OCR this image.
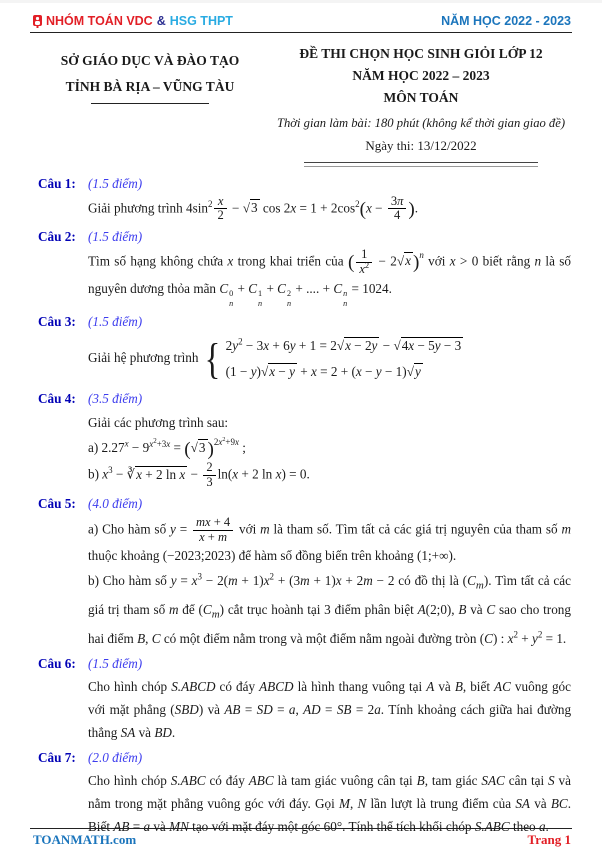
NHÓM TOÁN VDC & HSG THPT	NĂM HỌC 2022 - 2023
SỞ GIÁO DỤC VÀ ĐÀO TẠO
TỈNH BÀ RỊA – VŨNG TÀU
ĐỀ THI CHỌN HỌC SINH GIỎI LỚP 12
NĂM HỌC 2022 – 2023
MÔN TOÁN
Thời gian làm bài: 180 phút (không kể thời gian giao đề)
Ngày thi: 13/12/2022
Câu 1: (1.5 điểm)
Giải phương trình $4\sin^2 \frac{x}{2} - √3$ $\cos 2x = 1 + 2\cos^2(x - \frac{3\pi}{4}$ ).
Câu 2: (1.5 điểm)
Tìm số hạng không chứa x trong khai triển của ( $\frac{1}{x^2} - 2√x$ )$^n$ với x > 0 biết rằng n là số nguyên dương thỏa mãn C 0
n
+ C 1
n
+ C 2
n
+ .... + C n
n
= 1024.
Câu 3: (1.5 điểm)
Giải hệ phương trình { $2y^2 - 3x + 6y + 1 = 2√x - 2y - √4x - 5y - 3$
(1 − y)√x − y + x = 2 + (x − y − 1)√y
Câu 4: (3.5 điểm)
Giải các phương trình sau:
a) $2.27^x - 9^{x^2+3x} = (√3$ )$^{2x^2+9x}$ ;
b) $x^3$ − ∛x + 2 $\ln x - \frac{2}{3} \ln(x + 2$ ln x) = 0.
Câu 5: (4.0 điểm)
a) Cho hàm số $y = \frac{mx + 4}{x + m}$ với m là tham số. Tìm tất cả các giá trị nguyên của tham số m thuộc khoảng (−2023;2023) để hàm số đồng biến trên khoảng (1;+∞).
b) Cho hàm số $y = x^3 - 2(m + 1)x^2 + (3m + 1)x + 2m - 2$ có đồ thị là $(C_m)$. Tìm tất cả các giá trị tham số m để $(C_m)$ cắt trục hoành tại 3 điểm phân biệt A(2;0), B và C sao cho trong hai điểm B, C có một điểm nằm trong và một điểm nằm ngoài đường tròn (C) : $x^2 + y^2 = 1$.
Câu 6: (1.5 điểm)
Cho hình chóp S.ABCD có đáy ABCD là hình thang vuông tại A và B, biết AC vuông góc với mặt phẳng (SBD) và AB = SD = a, AD = SB = 2a. Tính khoảng cách giữa hai đường thẳng SA và BD.
Câu 7: (2.0 điểm)
Cho hình chóp S.ABC có đáy ABC là tam giác vuông cân tại B, tam giác SAC cân tại S và nằm trong mặt phẳng vuông góc với đáy. Gọi M, N lần lượt là trung điểm của SA và BC. Biết AB = a và MN tạo với mặt đáy một góc 60°. Tính thể tích khối chóp S.ABC theo a.
TOANMATH.com	Trang 1
